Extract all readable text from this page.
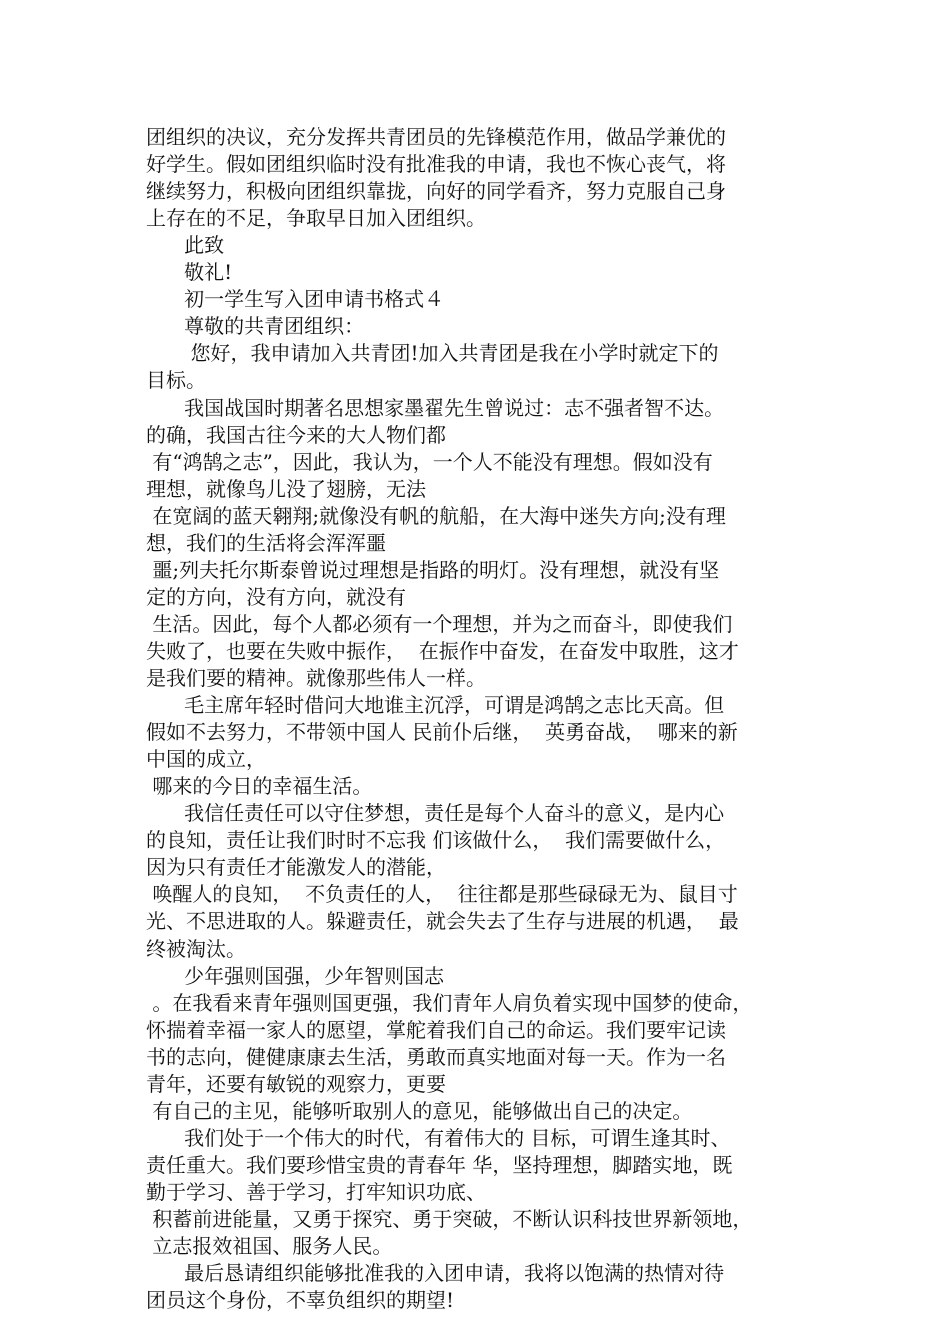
团组织的决议，充分发挥共青团员的先锋模范作用，做品学兼优的

好学生。假如团组织临时没有批准我的申请，我也不恢心丧气，将

继续努力，积极向团组织靠拢，向好的同学看齐，努力克服自己身

上存在的不足，争取早日加入团组织。

此致

敬礼!

初一学生写入团申请书格式４

尊敬的共青团组织：

您好，我申请加入共青团!加入共青团是我在小学时就定下的

目标。

我国战国时期著名思想家墨翟先生曾说过：志不强者智不达。

的确，我国古往今来的大人物们都

有“鸿鹄之志”，因此，我认为，一个人不能没有理想。假如没有

理想，就像鸟儿没了翅膀，无法

在宽阔的蓝天翱翔;就像没有帆的航船，在大海中迷失方向;没有理

想，我们的生活将会浑浑噩

噩;列夫托尔斯泰曾说过理想是指路的明灯。没有理想，就没有坚

定的方向，没有方向，就没有

生活。因此，每个人都必须有一个理想，并为之而奋斗，即使我们

失败了，也要在失败中振作，  在振作中奋发，在奋发中取胜，这才

是我们要的精神。就像那些伟人一样。

毛主席年轻时借问大地谁主沉浮，可谓是鸿鹄之志比天高。但

假如不去努力，不带领中国人 民前仆后继，  英勇奋战，  哪来的新

中国的成立，

哪来的今日的幸福生活。

我信任责任可以守住梦想，责任是每个人奋斗的意义，是内心

的良知，责任让我们时时不忘我 们该做什么，  我们需要做什么，

因为只有责任才能激发人的潜能，

唤醒人的良知，  不负责任的人，  往往都是那些碌碌无为、鼠目寸

光、不思进取的人。躲避责任，就会失去了生存与进展的机遇，  最

终被淘汰。

少年强则国强，少年智则国志

。在我看来青年强则国更强，我们青年人肩负着实现中国梦的使命，

怀揣着幸福一家人的愿望，掌舵着我们自己的命运。我们要牢记读

书的志向，健健康康去生活，勇敢而真实地面对每一天。作为一名

青年，还要有敏锐的观察力，更要

有自己的主见，能够听取别人的意见，能够做出自己的决定。

我们处于一个伟大的时代，有着伟大的 目标，可谓生逢其时、

责任重大。我们要珍惜宝贵的青春年 华，坚持理想，脚踏实地，既

勤于学习、善于学习，打牢知识功底、

积蓄前进能量，又勇于探究、勇于突破，不断认识科技世界新领地，

立志报效祖国、服务人民。

最后恳请组织能够批准我的入团申请，我将以饱满的热情对待

团员这个身份，不辜负组织的期望!
